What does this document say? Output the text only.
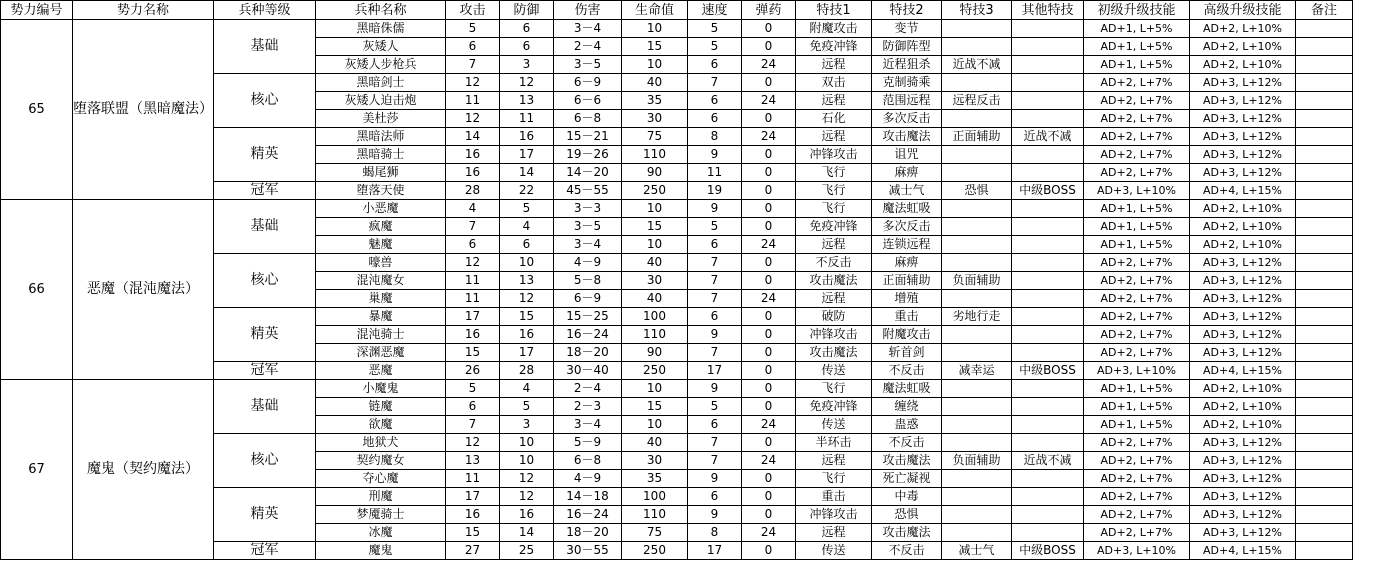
势力编号	势力名称	兵种等级	兵种名称	攻击	防御	伤害	生命值	速度	弹药	特技1	特技2	特技3	其他特技	初级升级技能	高级升级技能	备注
65	堕落联盟（黑暗魔法）	基础	黑暗侏儒	5	6	3－4	10	5	0	附魔攻击	变节			AD+1, L+5%	AD+2, L+10%	
			灰矮人	6	6	2－4	15	5	0	免疫冲锋	防御阵型			AD+1, L+5%	AD+2, L+10%	
			灰矮人步枪兵	7	3	3－5	10	6	24	远程	近程狙杀	近战不减		AD+1, L+5%	AD+2, L+10%	
		核心	黑暗剑士	12	12	6－9	40	7	0	双击	克制骑乘			AD+2, L+7%	AD+3, L+12%	
			灰矮人迫击炮	11	13	6－6	35	6	24	远程	范围远程	远程反击		AD+2, L+7%	AD+3, L+12%	
			美杜莎	12	11	6－8	30	6	0	石化	多次反击			AD+2, L+7%	AD+3, L+12%	
		精英	黑暗法师	14	16	15－21	75	8	24	远程	攻击魔法	正面辅助	近战不减	AD+2, L+7%	AD+3, L+12%	
			黑暗骑士	16	17	19－26	110	9	0	冲锋攻击	诅咒			AD+2, L+7%	AD+3, L+12%	
			蝎尾狮	16	14	14－20	90	11	0	飞行	麻痹			AD+2, L+7%	AD+3, L+12%	
		冠军	堕落天使	28	22	45－55	250	19	0	飞行	减士气	恐惧	中级BOSS	AD+3, L+10%	AD+4, L+15%	
66	恶魔（混沌魔法）	基础	小恶魔	4	5	3－3	10	9	0	飞行	魔法虹吸			AD+1, L+5%	AD+2, L+10%	
			疯魔	7	4	3－5	15	5	0	免疫冲锋	多次反击			AD+1, L+5%	AD+2, L+10%	
			魅魔	6	6	3－4	10	6	24	远程	连锁远程			AD+1, L+5%	AD+2, L+10%	
		核心	嚎兽	12	10	4－9	40	7	0	不反击	麻痹			AD+2, L+7%	AD+3, L+12%	
			混沌魔女	11	13	5－8	30	7	0	攻击魔法	正面辅助	负面辅助		AD+2, L+7%	AD+3, L+12%	
			巢魔	11	12	6－9	40	7	24	远程	增殖			AD+2, L+7%	AD+3, L+12%	
		精英	暴魔	17	15	15－25	100	6	0	破防	重击	劣地行走		AD+2, L+7%	AD+3, L+12%	
			混沌骑士	16	16	16－24	110	9	0	冲锋攻击	附魔攻击			AD+2, L+7%	AD+3, L+12%	
			深渊恶魔	15	17	18－20	90	7	0	攻击魔法	斩首剑			AD+2, L+7%	AD+3, L+12%	
		冠军	恶魔	26	28	30－40	250	17	0	传送	不反击	减幸运	中级BOSS	AD+3, L+10%	AD+4, L+15%	
67	魔鬼（契约魔法）	基础	小魔鬼	5	4	2－4	10	9	0	飞行	魔法虹吸			AD+1, L+5%	AD+2, L+10%	
			链魔	6	5	2－3	15	5	0	免疫冲锋	缠绕			AD+1, L+5%	AD+2, L+10%	
			欲魔	7	3	3－4	10	6	24	传送	蛊惑			AD+1, L+5%	AD+2, L+10%	
		核心	地狱犬	12	10	5－9	40	7	0	半环击	不反击			AD+2, L+7%	AD+3, L+12%	
			契约魔女	13	10	6－8	30	7	24	远程	攻击魔法	负面辅助	近战不减	AD+2, L+7%	AD+3, L+12%	
			夺心魔	11	12	4－9	35	9	0	飞行	死亡凝视			AD+2, L+7%	AD+3, L+12%	
		精英	刑魔	17	12	14－18	100	6	0	重击	中毒			AD+2, L+7%	AD+3, L+12%	
			梦魇骑士	16	16	16－24	110	9	0	冲锋攻击	恐惧			AD+2, L+7%	AD+3, L+12%	
			冰魔	15	14	18－20	75	8	24	远程	攻击魔法			AD+2, L+7%	AD+3, L+12%	
		冠军	魔鬼	27	25	30－55	250	17	0	传送	不反击	减士气	中级BOSS	AD+3, L+10%	AD+4, L+15%	
